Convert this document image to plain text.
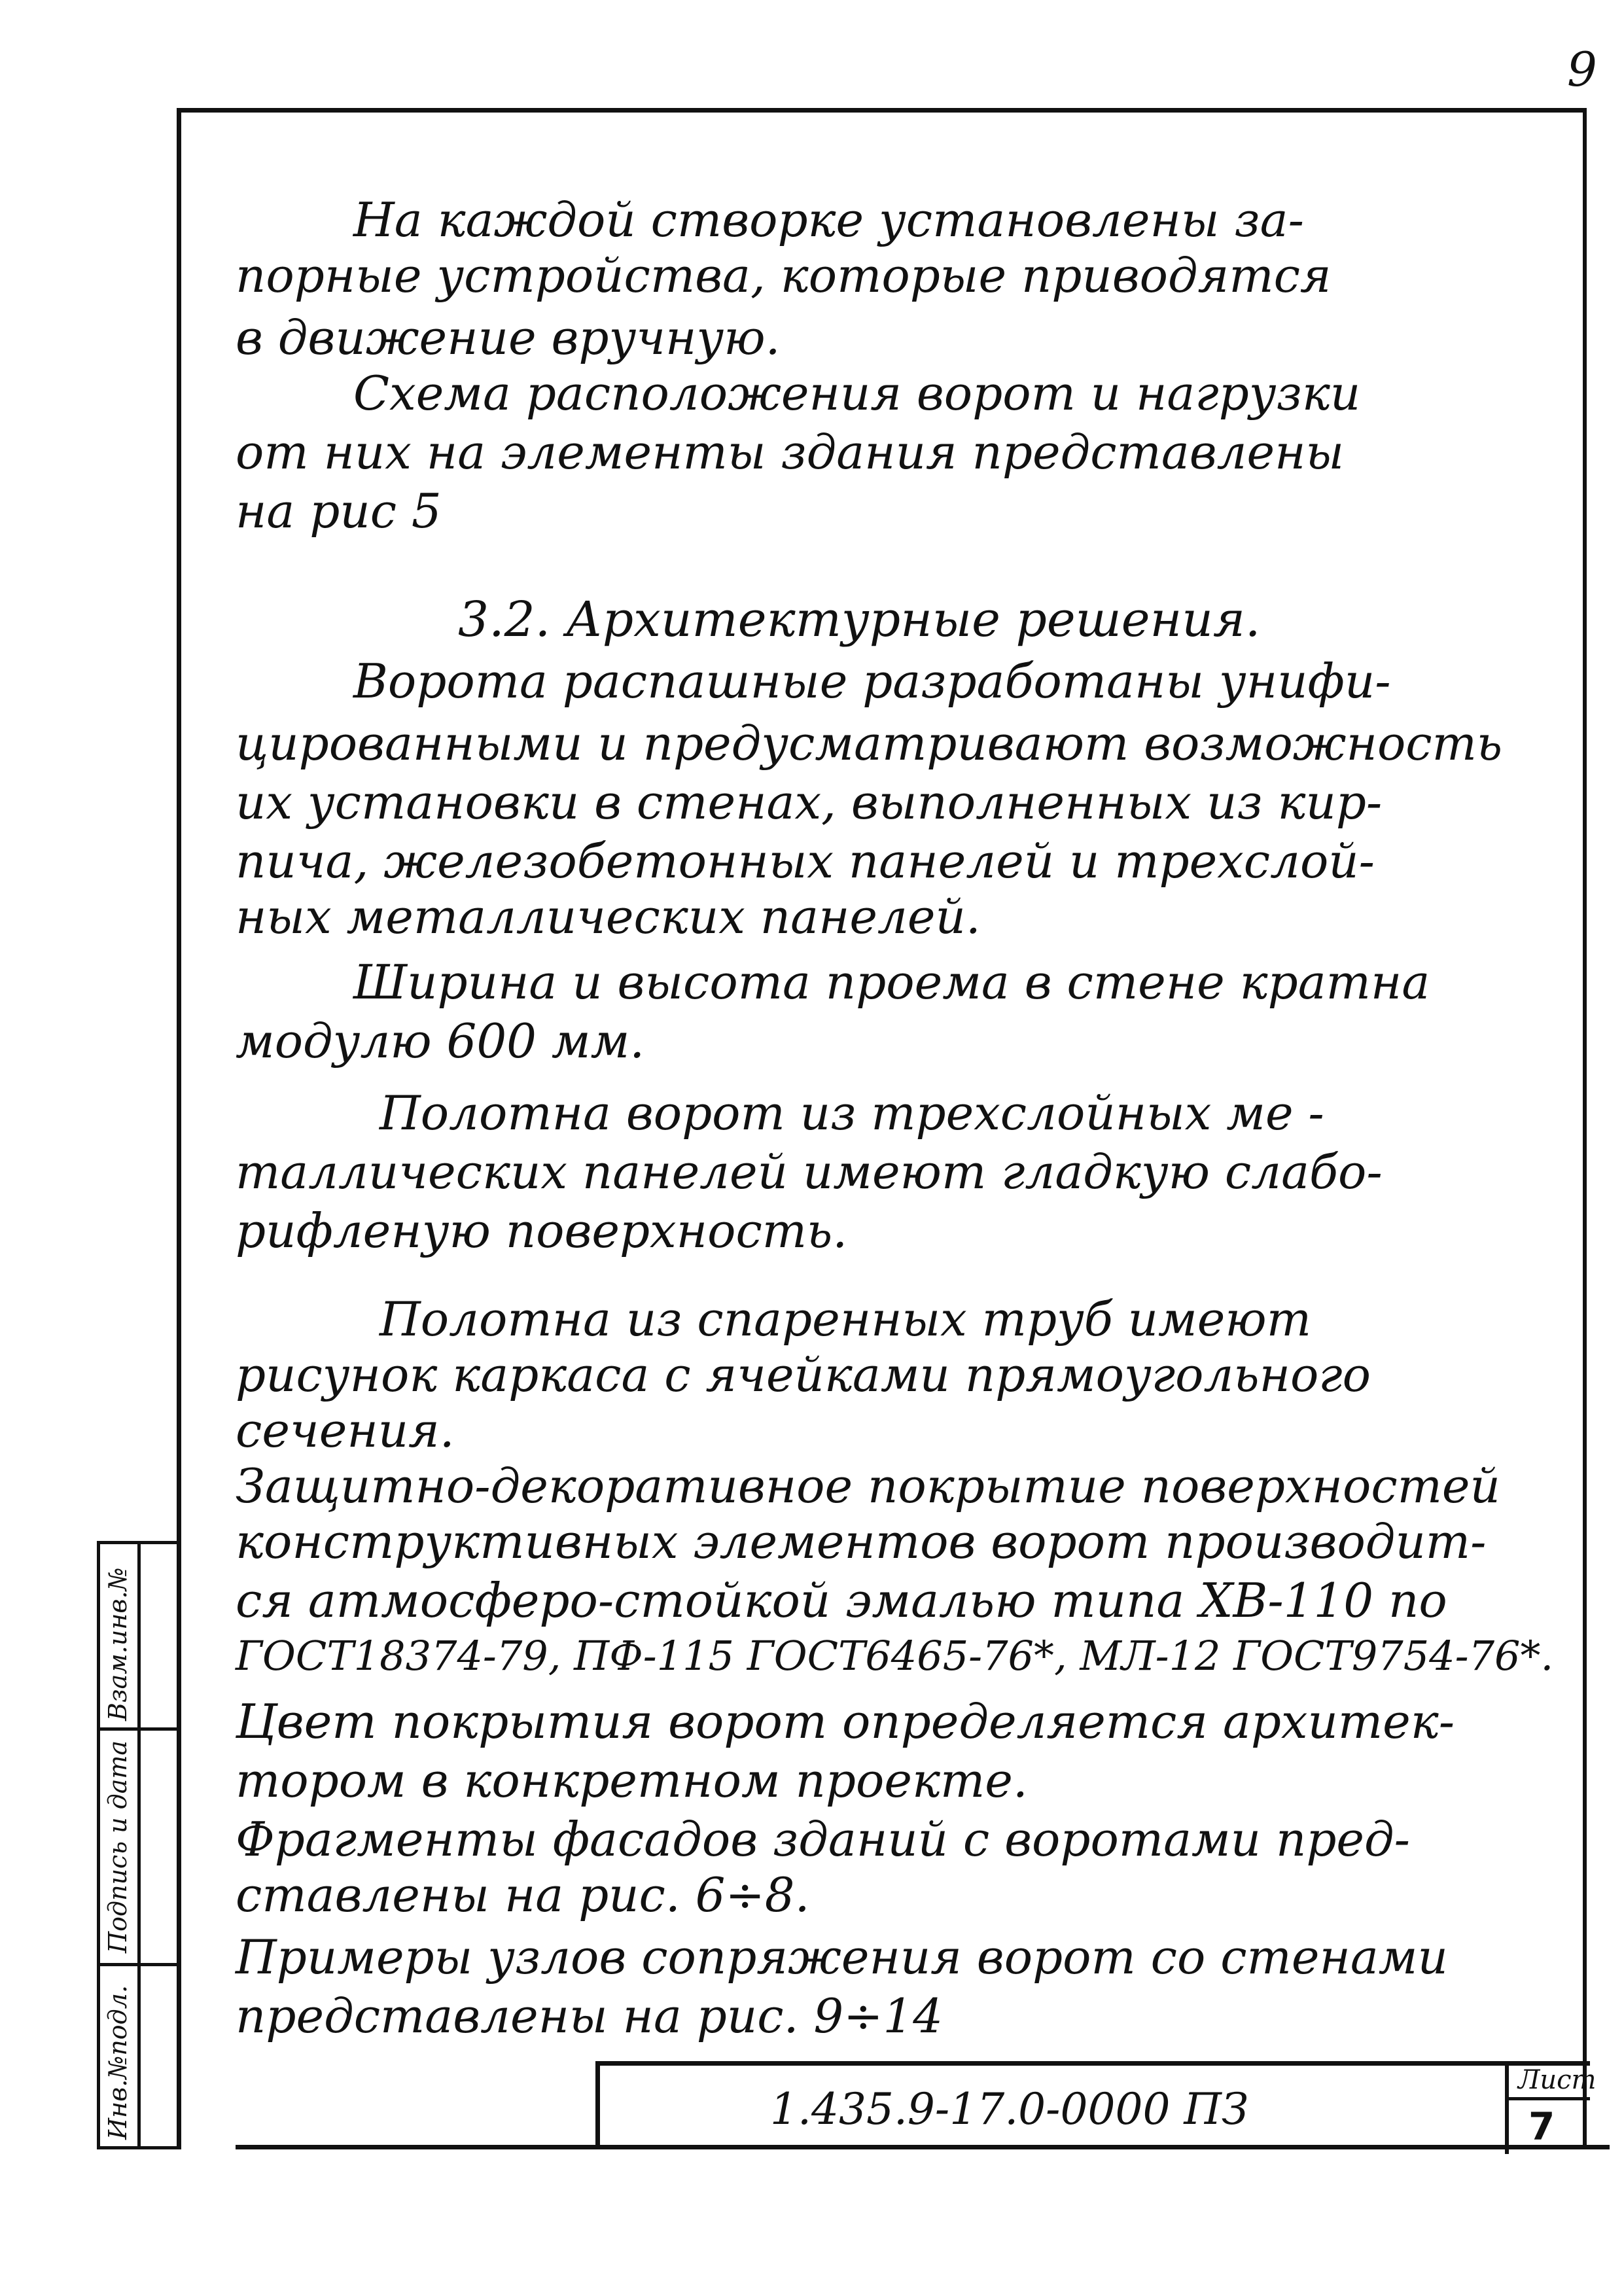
9
Взам.инв.№
Подпись и дата
Инв.№подл.
На каждой створке установлены за-
порные устройства, которые приводятся
в движение вручную.
Схема расположения ворот и нагрузки
от них на элементы здания представлены
на рис 5
3.2. Архитектурные решения.
Ворота распашные разработаны унифи-
цированными и предусматривают возможность
их установки в стенах, выполненных из кир-
пича, железобетонных панелей и трехслой-
ных металлических панелей.
Ширина и высота проема в стене кратна
модулю 600 мм.
Полотна ворот из трехслойных ме -
таллических панелей имеют гладкую слабо-
рифленую поверхность.
Полотна из спаренных труб имеют
рисунок каркаса с ячейками прямоугольного
сечения.
Защитно-декоративное покрытие поверхностей
конструктивных элементов ворот производит-
ся атмосферо-стойкой эмалью типа ХВ-110 по
ГОСТ18374-79, ПФ-115 ГОСТ6465-76*, МЛ-12 ГОСТ9754-76*.
Цвет покрытия ворот определяется архитек-
тором в конкретном проекте.
Фрагменты фасадов зданий с воротами пред-
ставлены на рис. 6÷8.
Примеры узлов сопряжения ворот со стенами
представлены на рис. 9÷14
1.435.9-17.0-0000 ПЗ
Лист
7
